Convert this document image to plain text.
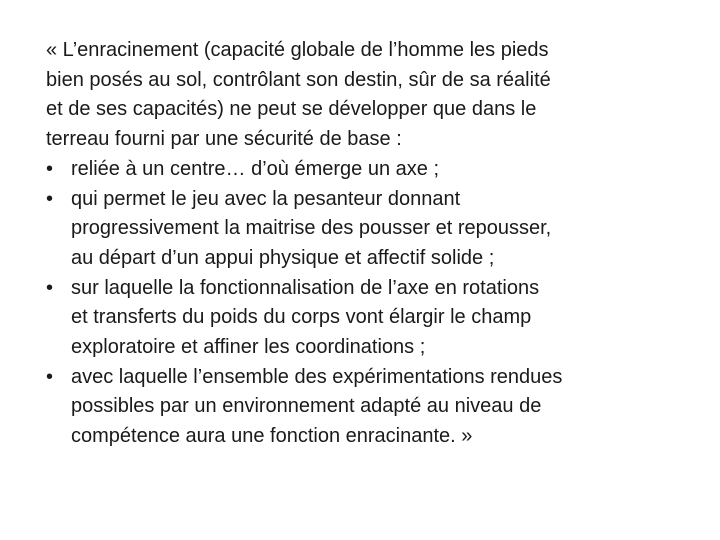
« L’enracinement (capacité globale de l’homme les pieds
bien posés au sol, contrôlant son destin, sûr de sa réalité
et de ses capacités) ne peut se développer que dans le
terreau fourni par une sécurité de base :

• reliée à un centre… d’où émerge un axe ;
• qui permet le jeu avec la pesanteur donnant
progressivement la maitrise des pousser et repousser,
au départ d’un appui physique et affectif solide ;
• sur laquelle la fonctionnalisation de l’axe en rotations
et transferts du poids du corps vont élargir le champ
exploratoire et affiner les coordinations ;
• avec laquelle l’ensemble des expérimentations rendues
possibles par un environnement adapté au niveau de
compétence aura une fonction enracinante. »
